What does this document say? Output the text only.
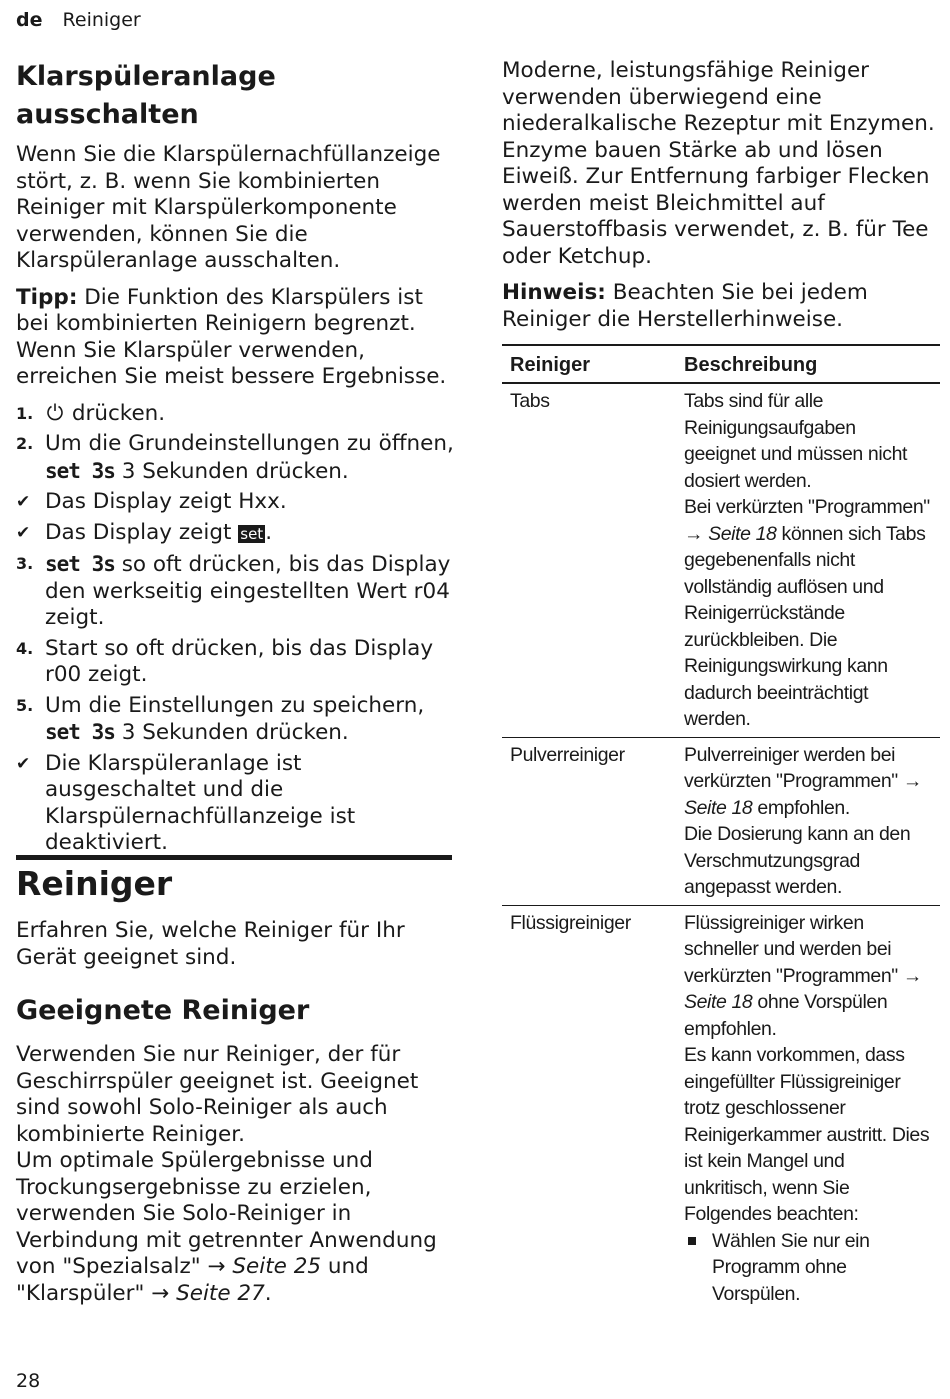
de Reiniger
Klarspüleranlage ausschalten

Wenn Sie die Klarspülernachfüllanzeige stört, z. B. wenn Sie kombinierten Reiniger mit Klarspülerkomponente verwenden, können Sie die Klarspüleranlage ausschalten.

Tipp: Die Funktion des Klarspülers ist bei kombinierten Reinigern begrenzt. Wenn Sie Klarspüler verwenden, erreichen Sie meist bessere Ergebnisse.

1. drücken.
2. Um die Grundeinstellungen zu öffnen, set 3s 3 Sekunden drücken.
✔ Das Display zeigt Hxx.
✔ Das Display zeigt set.
3. set 3s so oft drücken, bis das Display den werkseitig eingestellten Wert r04 zeigt.
4. Start so oft drücken, bis das Display r00 zeigt.
5. Um die Einstellungen zu speichern, set 3s 3 Sekunden drücken.
✔ Die Klarspüleranlage ist ausgeschaltet und die Klarspülernachfüllanzeige ist deaktiviert.
Reiniger

Erfahren Sie, welche Reiniger für Ihr Gerät geeignet sind.

Geeignete Reiniger

Verwenden Sie nur Reiniger, der für Geschirrspüler geeignet ist. Geeignet sind sowohl Solo-Reiniger als auch kombinierte Reiniger.

Um optimale Spülergebnisse und Trockungsergebnisse zu erzielen, verwenden Sie Solo-Reiniger in Verbindung mit getrennter Anwendung von "Spezialsalz" → Seite 25 und "Klarspüler" → Seite 27.

Moderne, leistungsfähige Reiniger verwenden überwiegend eine niederalkalische Rezeptur mit Enzymen. Enzyme bauen Stärke ab und lösen Eiweiß. Zur Entfernung farbiger Flecken werden meist Bleichmittel auf Sauerstoffbasis verwendet, z. B. für Tee oder Ketchup.

Hinweis: Beachten Sie bei jedem Reiniger die Herstellerhinweise.

Reiniger	Beschreibung
Tabs	Tabs sind für alle Reinigungsaufgaben geeignet und müssen nicht dosiert werden.
Bei verkürzten "Programmen" → Seite 18 können sich Tabs gegebenenfalls nicht vollständig auflösen und Reinigerrückstände zurückbleiben. Die Reinigungswirkung kann dadurch beeinträchtigt werden.

Pulverreiniger	Pulverreiniger werden bei verkürzten "Programmen" → Seite 18 empfohlen.
Die Dosierung kann an den Verschmutzungsgrad angepasst werden.

Flüssigreiniger	Flüssigreiniger wirken schneller und werden bei verkürzten "Programmen" → Seite 18 ohne Vorspülen empfohlen.
Es kann vorkommen, dass eingefüllter Flüssigreiniger trotz geschlossener Reinigerkammer austritt. Dies ist kein Mangel und unkritisch, wenn Sie Folgendes beachten:
Wählen Sie nur ein Programm ohne Vorspülen.
28
